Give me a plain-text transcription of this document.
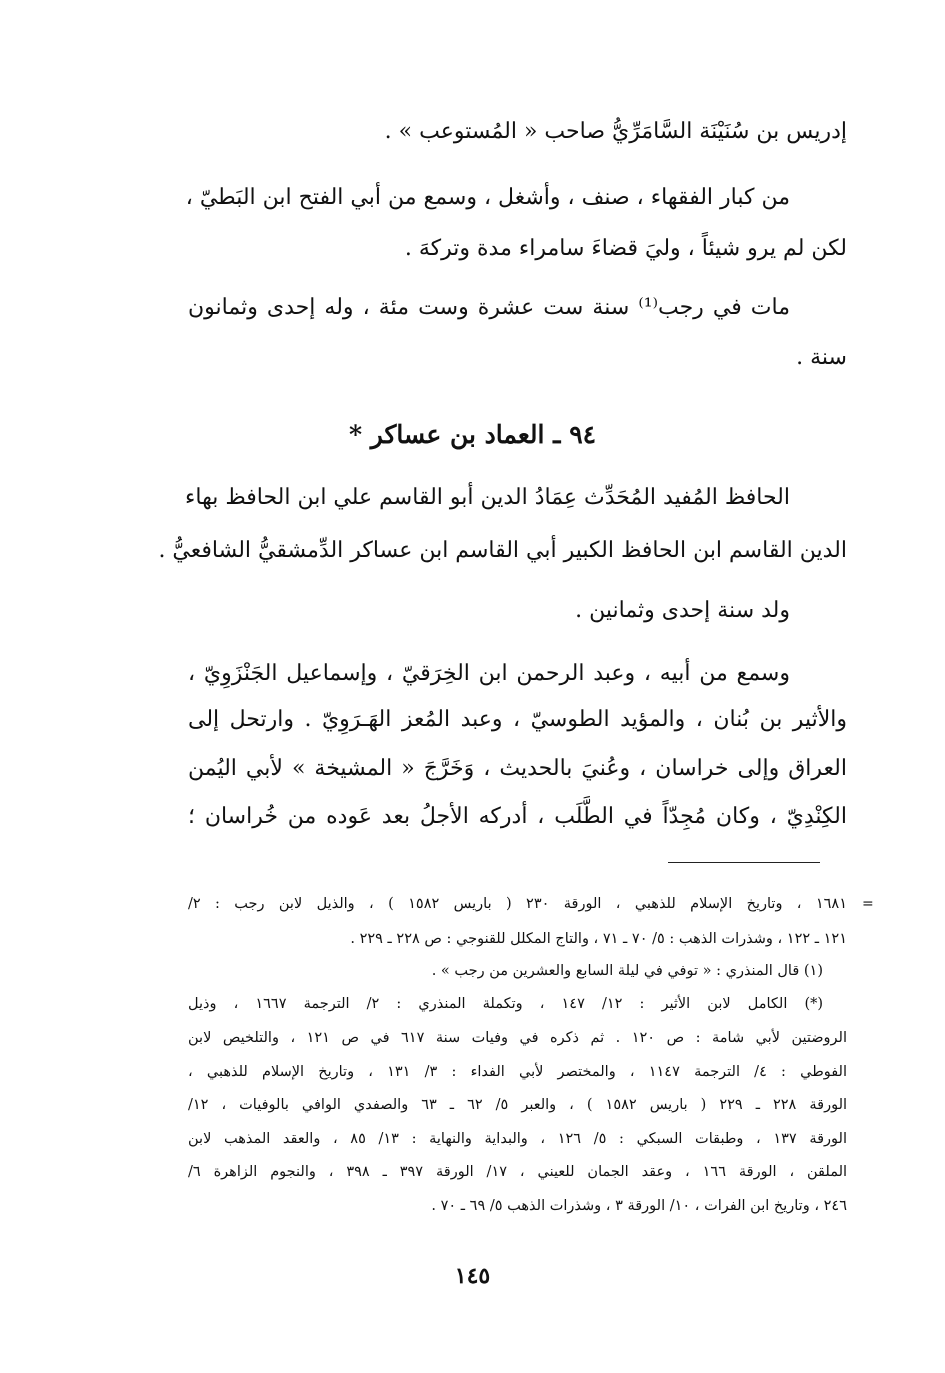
إدريس بن سُنَيْنَة السَّامَرِّيُّ صاحب « المُستوعب » .
من كبار الفقهاء ، صنف ، وأشغل ، وسمع من أبي الفتح ابن البَطيّ ،
لكن لم يرو شيئاً ، وليَ قضاءَ سامراء مدة وتركهَ .
مات في رجب⁽¹⁾ سنة ست عشرة وست مئة ، وله إحدى وثمانون
سنة .
٩٤ ـ العماد بن عساكر *
الحافظ المُفيد المُحَدِّث عِمَادُ الدين أبو القاسم علي ابن الحافظ بهاء
الدين القاسم ابن الحافظ الكبير أبي القاسم ابن عساكر الدِّمشقيُّ الشافعيُّ .
ولد سنة إحدى وثمانين .
وسمع من أبيه ، وعبد الرحمن ابن الخِرَقيّ ، وإسماعيل الجَنْزَوِيّ ،
والأثير بن بُنان ، والمؤيد الطوسيّ ، وعبد المُعز الهَـرَوِيّ . وارتحل إلى
العراق وإلى خراسان ، وعُنيَ بالحديث ، وَخَرَّجَ « المشيخة » لأبي اليُمن
الكِنْدِيّ ، وكان مُجِدّاً في الطَّلَب ، أدركه الأجلُ بعد عَوده من خُراسان ؛
=
١٦٨١ ، وتاريخ الإسلام للذهبي ، الورقة ٢٣٠ ( باريس ١٥٨٢ ) ، والذيل لابن رجب : ٢/
١٢١ ـ ١٢٢ ، وشذرات الذهب : ٥/ ٧٠ ـ ٧١ ، والتاج المكلل للقنوجي : ص ٢٢٨ ـ ٢٢٩ .
(١) قال المنذري : « توفي في ليلة السابع والعشرين من رجب » .
(*) الكامل لابن الأثير : ١٢/ ١٤٧ ، وتكملة المنذري : ٢/ الترجمة ١٦٦٧ ، وذيل
الروضتين لأبي شامة : ص ١٢٠ . ثم ذكره في وفيات سنة ٦١٧ في ص ١٢١ ، والتلخيص لابن
الفوطي : ٤/ الترجمة ١١٤٧ ، والمختصر لأبي الفداء : ٣/ ١٣١ ، وتاريخ الإسلام للذهبي ،
الورقة ٢٢٨ ـ ٢٢٩ ( باريس ١٥٨٢ ) ، والعبر ٥/ ٦٢ ـ ٦٣ والصفدي الوافي بالوفيات ، ١٢/
الورقة ١٣٧ ، وطبقات السبكي : ٥/ ١٢٦ ، والبداية والنهاية : ١٣/ ٨٥ ، والعقد المذهب لابن
الملقن ، الورقة ١٦٦ ، وعقد الجمان للعيني ، ١٧/ الورقة ٣٩٧ ـ ٣٩٨ ، والنجوم الزاهرة ٦/
٢٤٦ ، وتاريخ ابن الفرات ، ١٠/ الورقة ٣ ، وشذرات الذهب ٥/ ٦٩ ـ ٧٠ .
١٤٥
